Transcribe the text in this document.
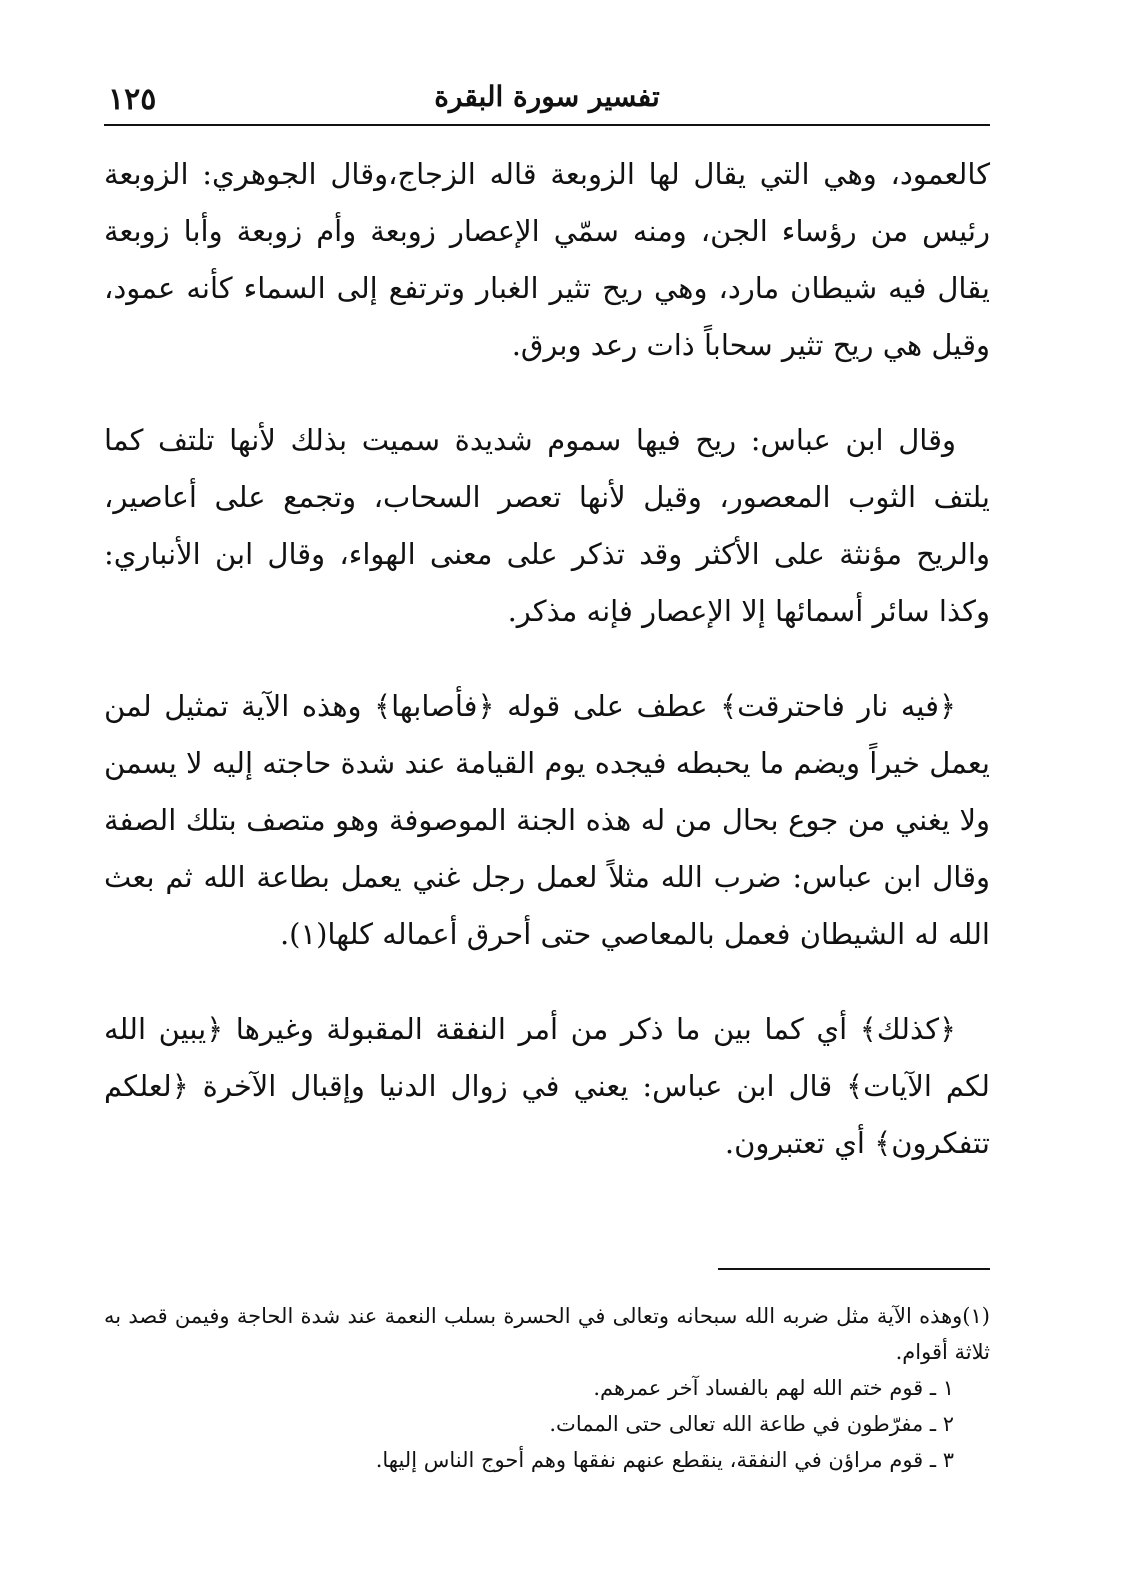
تفسير سورة البقرة
١٢٥

كالعمود، وهي التي يقال لها الزوبعة قاله الزجاج،وقال الجوهري: الزوبعة رئيس من رؤساء الجن، ومنه سمّي الإعصار زوبعة وأم زوبعة وأبا زوبعة يقال فيه شيطان مارد، وهي ريح تثير الغبار وترتفع إلى السماء كأنه عمود، وقيل هي ريح تثير سحاباً ذات رعد وبرق.

وقال ابن عباس: ريح فيها سموم شديدة سميت بذلك لأنها تلتف كما يلتف الثوب المعصور، وقيل لأنها تعصر السحاب، وتجمع على أعاصير، والريح مؤنثة على الأكثر وقد تذكر على معنى الهواء، وقال ابن الأنباري: وكذا سائر أسمائها إلا الإعصار فإنه مذكر.

﴿فيه نار فاحترقت﴾ عطف على قوله ﴿فأصابها﴾ وهذه الآية تمثيل لمن يعمل خيراً ويضم ما يحبطه فيجده يوم القيامة عند شدة حاجته إليه لا يسمن ولا يغني من جوع بحال من له هذه الجنة الموصوفة وهو متصف بتلك الصفة وقال ابن عباس: ضرب الله مثلاً لعمل رجل غني يعمل بطاعة الله ثم بعث الله له الشيطان فعمل بالمعاصي حتى أحرق أعماله كلها(١).

﴿كذلك﴾ أي كما بين ما ذكر من أمر النفقة المقبولة وغيرها ﴿يبين الله لكم الآيات﴾ قال ابن عباس: يعني في زوال الدنيا وإقبال الآخرة ﴿لعلكم تتفكرون﴾ أي تعتبرون.

(١)وهذه الآية مثل ضربه الله سبحانه وتعالى في الحسرة بسلب النعمة عند شدة الحاجة وفيمن قصد به ثلاثة أقوام.

١ ـ قوم ختم الله لهم بالفساد آخر عمرهم.

٢ ـ مفرّطون في طاعة الله تعالى حتى الممات.

٣ ـ قوم مراؤن في النفقة، ينقطع عنهم نفقها وهم أحوج الناس إليها.
